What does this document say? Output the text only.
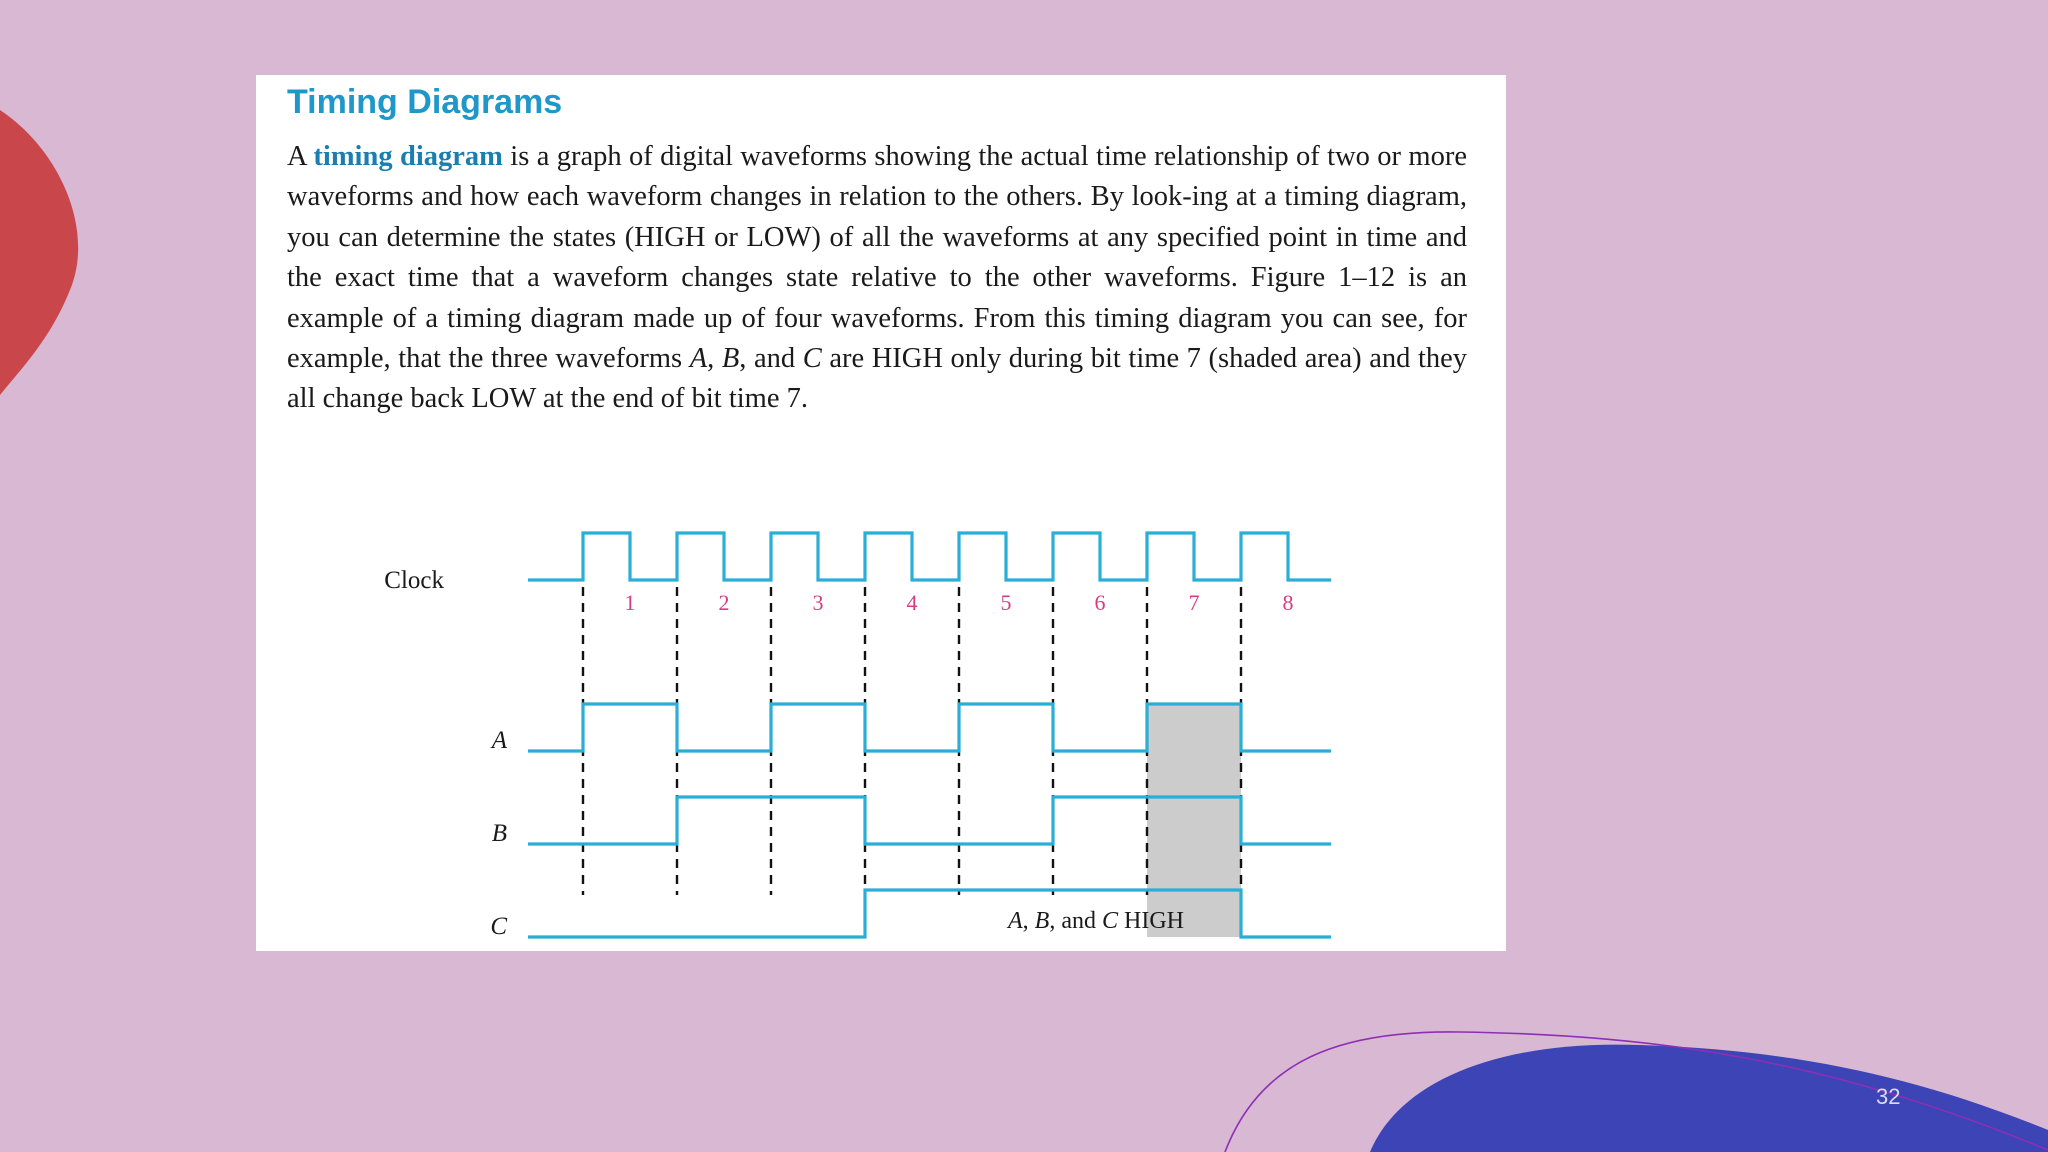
32
Timing Diagrams

A timing diagram is a graph of digital waveforms showing the actual time relationship of two or more waveforms and how each waveform changes in relation to the others. By look-ing at a timing diagram, you can determine the states (HIGH or LOW) of all the waveforms at any specified point in time and the exact time that a waveform changes state relative to the other waveforms. Figure 1–12 is an example of a timing diagram made up of four waveforms. From this timing diagram you can see, for example, that the three waveforms A, B, and C are HIGH only during bit time 7 (shaded area) and they all change back LOW at the end of bit time 7.

1	2	3	4	5	6	7	8
Clock
A
B
C	A, B, and C HIGH
